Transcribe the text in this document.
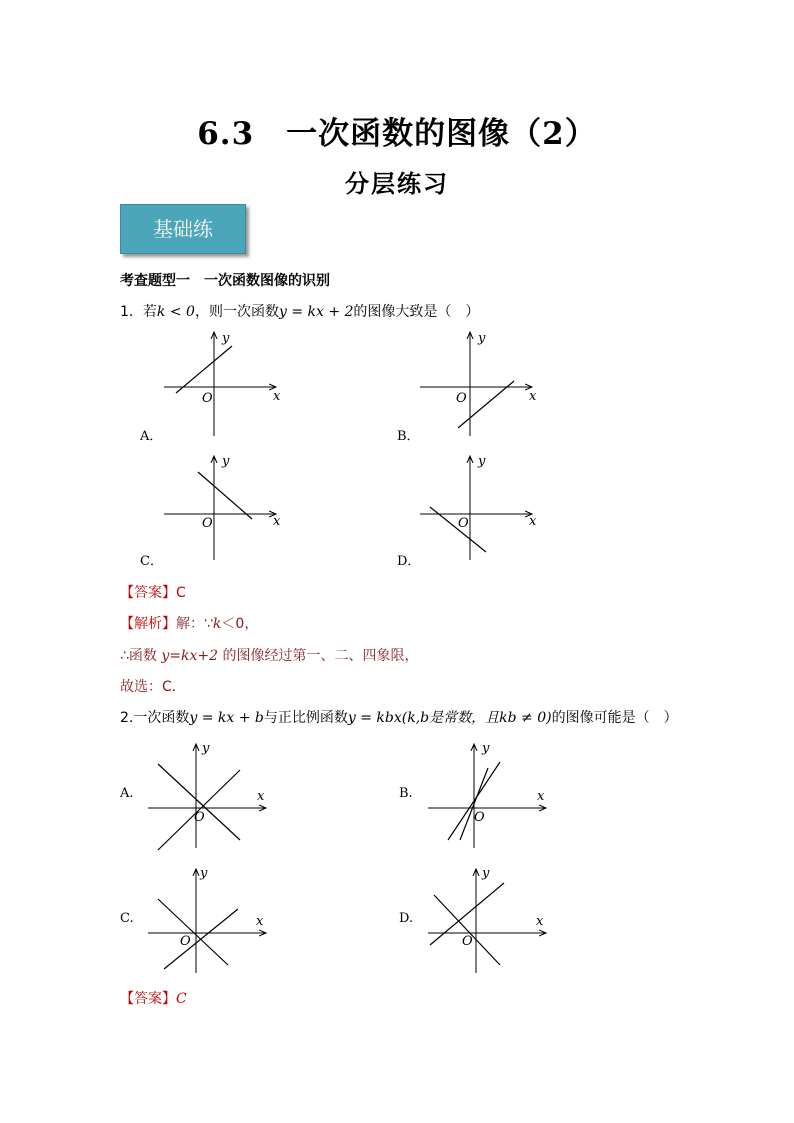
6.3　一次函数的图像（2）
分层练习
基础练
考查题型一　一次函数图像的识别
1．若k < 0，则一次函数y = kx + 2的图像大致是（　）
y
x
O
A．
y
x
O
B．
y
x
O
C．
y
x
O
D．
【答案】C
【解析】解：∵k＜0，
∴函数 y=kx+2 的图像经过第一、二、四象限，
故选：C．
2.一次函数y = kx + b与正比例函数y = kbx(k,b是常数，且kb ≠ 0)的图像可能是（　）
y
x
O
A.
y
x
O
B.
y
x
O
C.
y
x
O
D.
【答案】C
